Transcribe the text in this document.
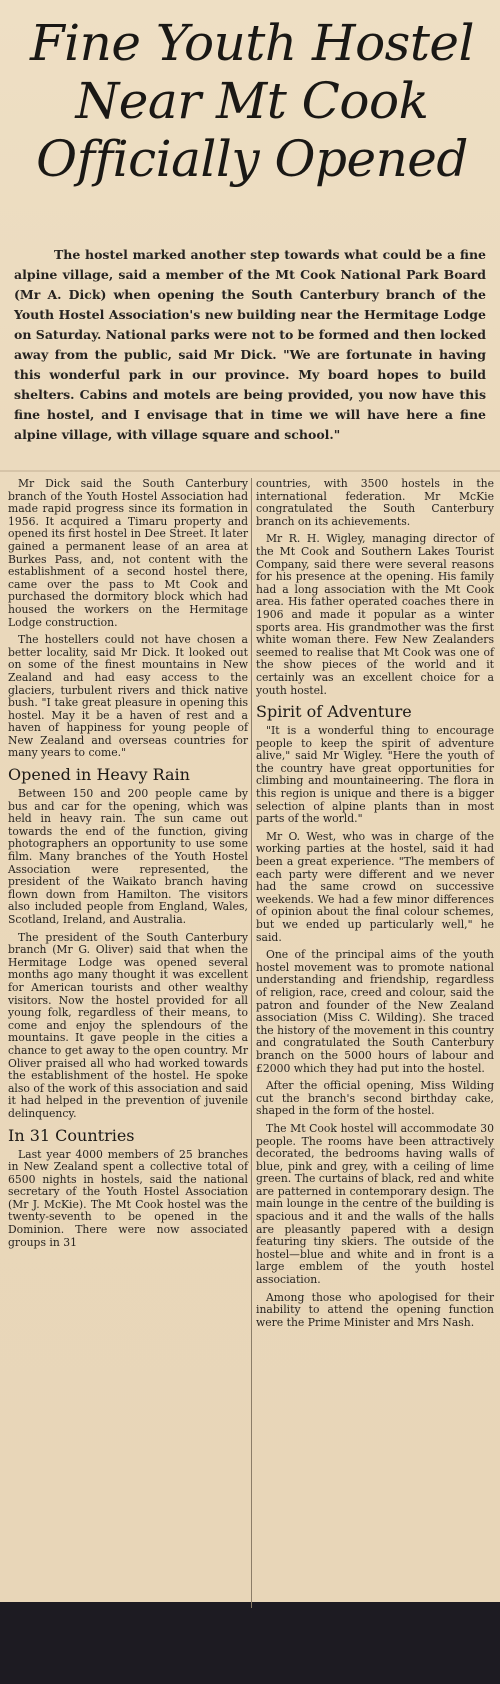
Fine Youth Hostel
Near Mt Cook
Officially Opened

The hostel marked another step towards what could be a fine alpine village, said a member of the Mt Cook National Park Board (Mr A. Dick) when opening the South Canterbury branch of the Youth Hostel Association's new building near the Hermitage Lodge on Saturday. National parks were not to be formed and then locked away from the public, said Mr Dick. "We are fortunate in having this wonderful park in our province. My board hopes to build shelters. Cabins and motels are being provided, you now have this fine hostel, and I envisage that in time we will have here a fine alpine village, with village square and school."

Mr Dick said the South Canterbury branch of the Youth Hostel Association had made rapid progress since its formation in 1956. It acquired a Timaru property and opened its first hostel in Dee Street. It later gained a permanent lease of an area at Burkes Pass, and, not content with the establishment of a second hostel there, came over the pass to Mt Cook and purchased the dormitory block which had housed the workers on the Hermitage Lodge construction.

The hostellers could not have chosen a better locality, said Mr Dick. It looked out on some of the finest mountains in New Zealand and had easy access to the glaciers, turbulent rivers and thick native bush. "I take great pleasure in opening this hostel. May it be a haven of rest and a haven of happiness for young people of New Zealand and overseas countries for many years to come."

Opened in Heavy Rain

Between 150 and 200 people came by bus and car for the opening, which was held in heavy rain. The sun came out towards the end of the function, giving photographers an opportunity to use some film. Many branches of the Youth Hostel Association were represented, the president of the Waikato branch having flown down from Hamilton. The visitors also included people from England, Wales, Scotland, Ireland, and Australia.

The president of the South Canterbury branch (Mr G. Oliver) said that when the Hermitage Lodge was opened several months ago many thought it was excellent for American tourists and other wealthy visitors. Now the hostel provided for all young folk, regardless of their means, to come and enjoy the splendours of the mountains. It gave people in the cities a chance to get away to the open country. Mr Oliver praised all who had worked towards the establishment of the hostel. He spoke also of the work of this association and said it had helped in the prevention of juvenile delinquency.

In 31 Countries

Last year 4000 members of 25 branches in New Zealand spent a collective total of 6500 nights in hostels, said the national secretary of the Youth Hostel Association (Mr J. McKie). The Mt Cook hostel was the twenty-seventh to be opened in the Dominion. There were now associated groups in 31

countries, with 3500 hostels in the international federation. Mr McKie congratulated the South Canterbury branch on its achievements.

Mr R. H. Wigley, managing director of the Mt Cook and Southern Lakes Tourist Company, said there were several reasons for his presence at the opening. His family had a long association with the Mt Cook area. His father operated coaches there in 1906 and made it popular as a winter sports area. His grandmother was the first white woman there. Few New Zealanders seemed to realise that Mt Cook was one of the show pieces of the world and it certainly was an excellent choice for a youth hostel.

Spirit of Adventure

"It is a wonderful thing to encourage people to keep the spirit of adventure alive," said Mr Wigley. "Here the youth of the country have great opportunities for climbing and mountaineering. The flora in this region is unique and there is a bigger selection of alpine plants than in most parts of the world."

Mr O. West, who was in charge of the working parties at the hostel, said it had been a great experience. "The members of each party were different and we never had the same crowd on successive weekends. We had a few minor differences of opinion about the final colour schemes, but we ended up particularly well," he said.

One of the principal aims of the youth hostel movement was to promote national understanding and friendship, regardless of religion, race, creed and colour, said the patron and founder of the New Zealand association (Miss C. Wilding). She traced the history of the movement in this country and congratulated the South Canterbury branch on the 5000 hours of labour and £2000 which they had put into the hostel.

After the official opening, Miss Wilding cut the branch's second birthday cake, shaped in the form of the hostel.

The Mt Cook hostel will accommodate 30 people. The rooms have been attractively decorated, the bedrooms having walls of blue, pink and grey, with a ceiling of lime green. The curtains of black, red and white are patterned in contemporary design. The main lounge in the centre of the building is spacious and it and the walls of the halls are pleasantly papered with a design featuring tiny skiers. The outside of the hostel—blue and white and in front is a large emblem of the youth hostel association.

Among those who apologised for their inability to attend the opening function were the Prime Minister and Mrs Nash.
